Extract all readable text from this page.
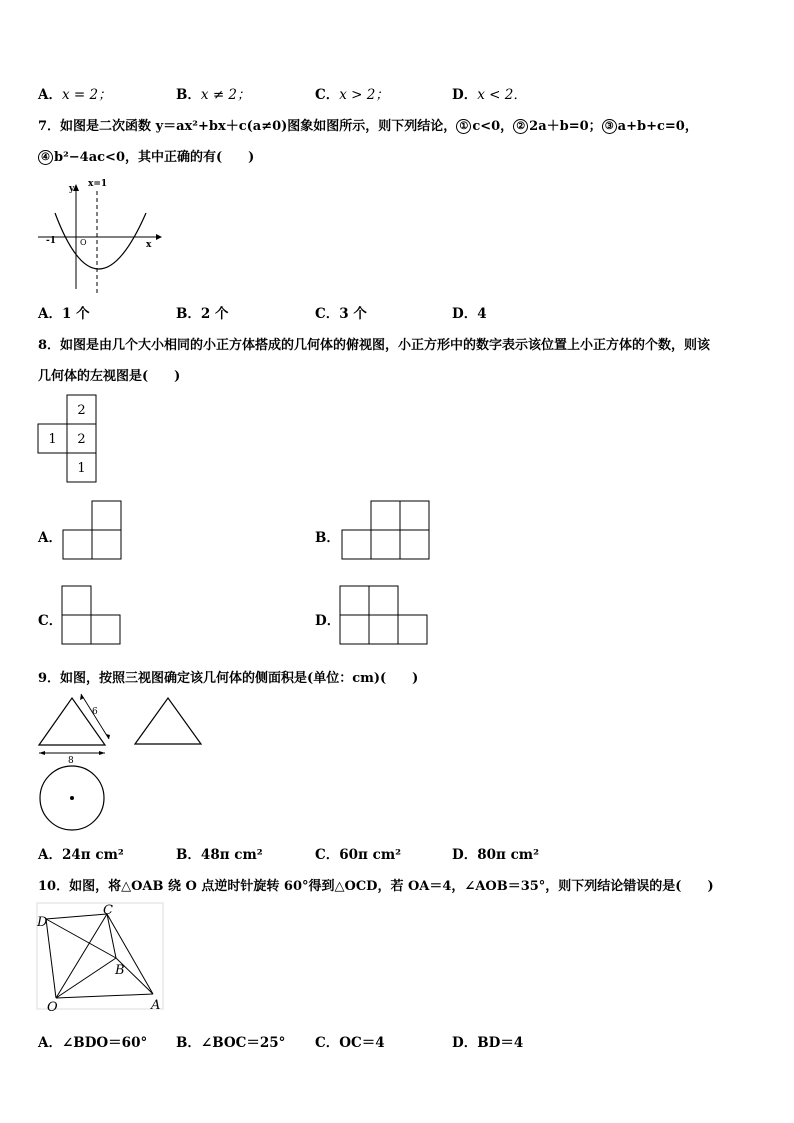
A．x = 2；	B．x ≠ 2；	C．x > 2；	D．x < 2．
7．如图是二次函数 y＝ax²+bx＋c(a≠0)图象如图所示，则下列结论， ① c<0， ② 2a＋b=0； ③ a+b+c=0，
④ b²−4ac<0，其中正确的有(　　)
y
x
x=1
-1	O
A．1 个	B．2 个	C．3 个	D．4
8．如图是由几个大小相同的小正方体搭成的几何体的俯视图，小正方形中的数字表示该位置上小正方体的个数，则该
几何体的左视图是(　　)
2
1 2
1
A．	B．
C．	D．
9．如图，按照三视图确定该几何体的侧面积是(单位：cm)(　　)
6
8
A．24π cm²	B．48π cm²	C．60π cm²	D．80π cm²
10．如图，将△OAB 绕 O 点逆时针旋转 60°得到△OCD，若 OA＝4，∠AOB＝35°，则下列结论错误的是(　　)
D
C
B
O	A
A．∠BDO＝60° B．∠BOC＝25° C．OC＝4	D．BD＝4
